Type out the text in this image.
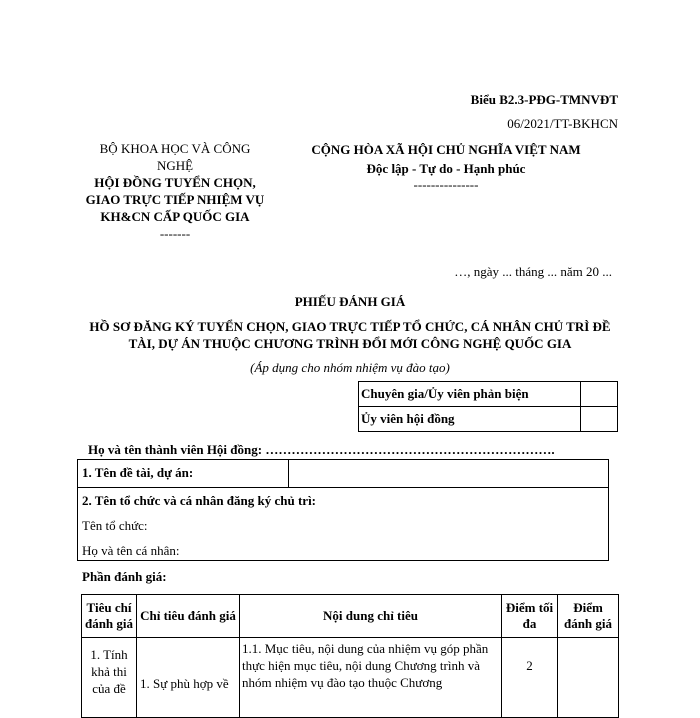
Biểu B2.3-PĐG-TMNVĐT
06/2021/TT-BKHCN
BỘ KHOA HỌC VÀ CÔNG NGHỆ
HỘI ĐỒNG TUYỂN CHỌN, GIAO TRỰC TIẾP NHIỆM VỤ KH&CN CẤP QUỐC GIA
-------
CỘNG HÒA XÃ HỘI CHỦ NGHĨA VIỆT NAM
Độc lập - Tự do - Hạnh phúc
---------------
…, ngày ... tháng ... năm 20 ...
PHIẾU ĐÁNH GIÁ
HỒ SƠ ĐĂNG KÝ TUYỂN CHỌN, GIAO TRỰC TIẾP TỔ CHỨC, CÁ NHÂN CHỦ TRÌ ĐỀ TÀI, DỰ ÁN THUỘC CHƯƠNG TRÌNH ĐỔI MỚI CÔNG NGHỆ QUỐC GIA
(Áp dụng cho nhóm nhiệm vụ đào tạo)
Chuyên gia/Ủy viên phản biện	
Ủy viên hội đồng	
Họ và tên thành viên Hội đồng: ………………………………………………………….
1. Tên đề tài, dự án:
2. Tên tổ chức và cá nhân đăng ký chủ trì:
Tên tổ chức:
Họ và tên cá nhân:
Phần đánh giá:
Tiêu chí đánh giá	Chỉ tiêu đánh giá	Nội dung chỉ tiêu	Điểm tối đa	Điểm đánh giá
1. Tính khả thi của đề	1. Sự phù hợp về	1.1. Mục tiêu, nội dung của nhiệm vụ góp phần thực hiện mục tiêu, nội dung Chương trình và nhóm nhiệm vụ đào tạo thuộc Chương	2	
